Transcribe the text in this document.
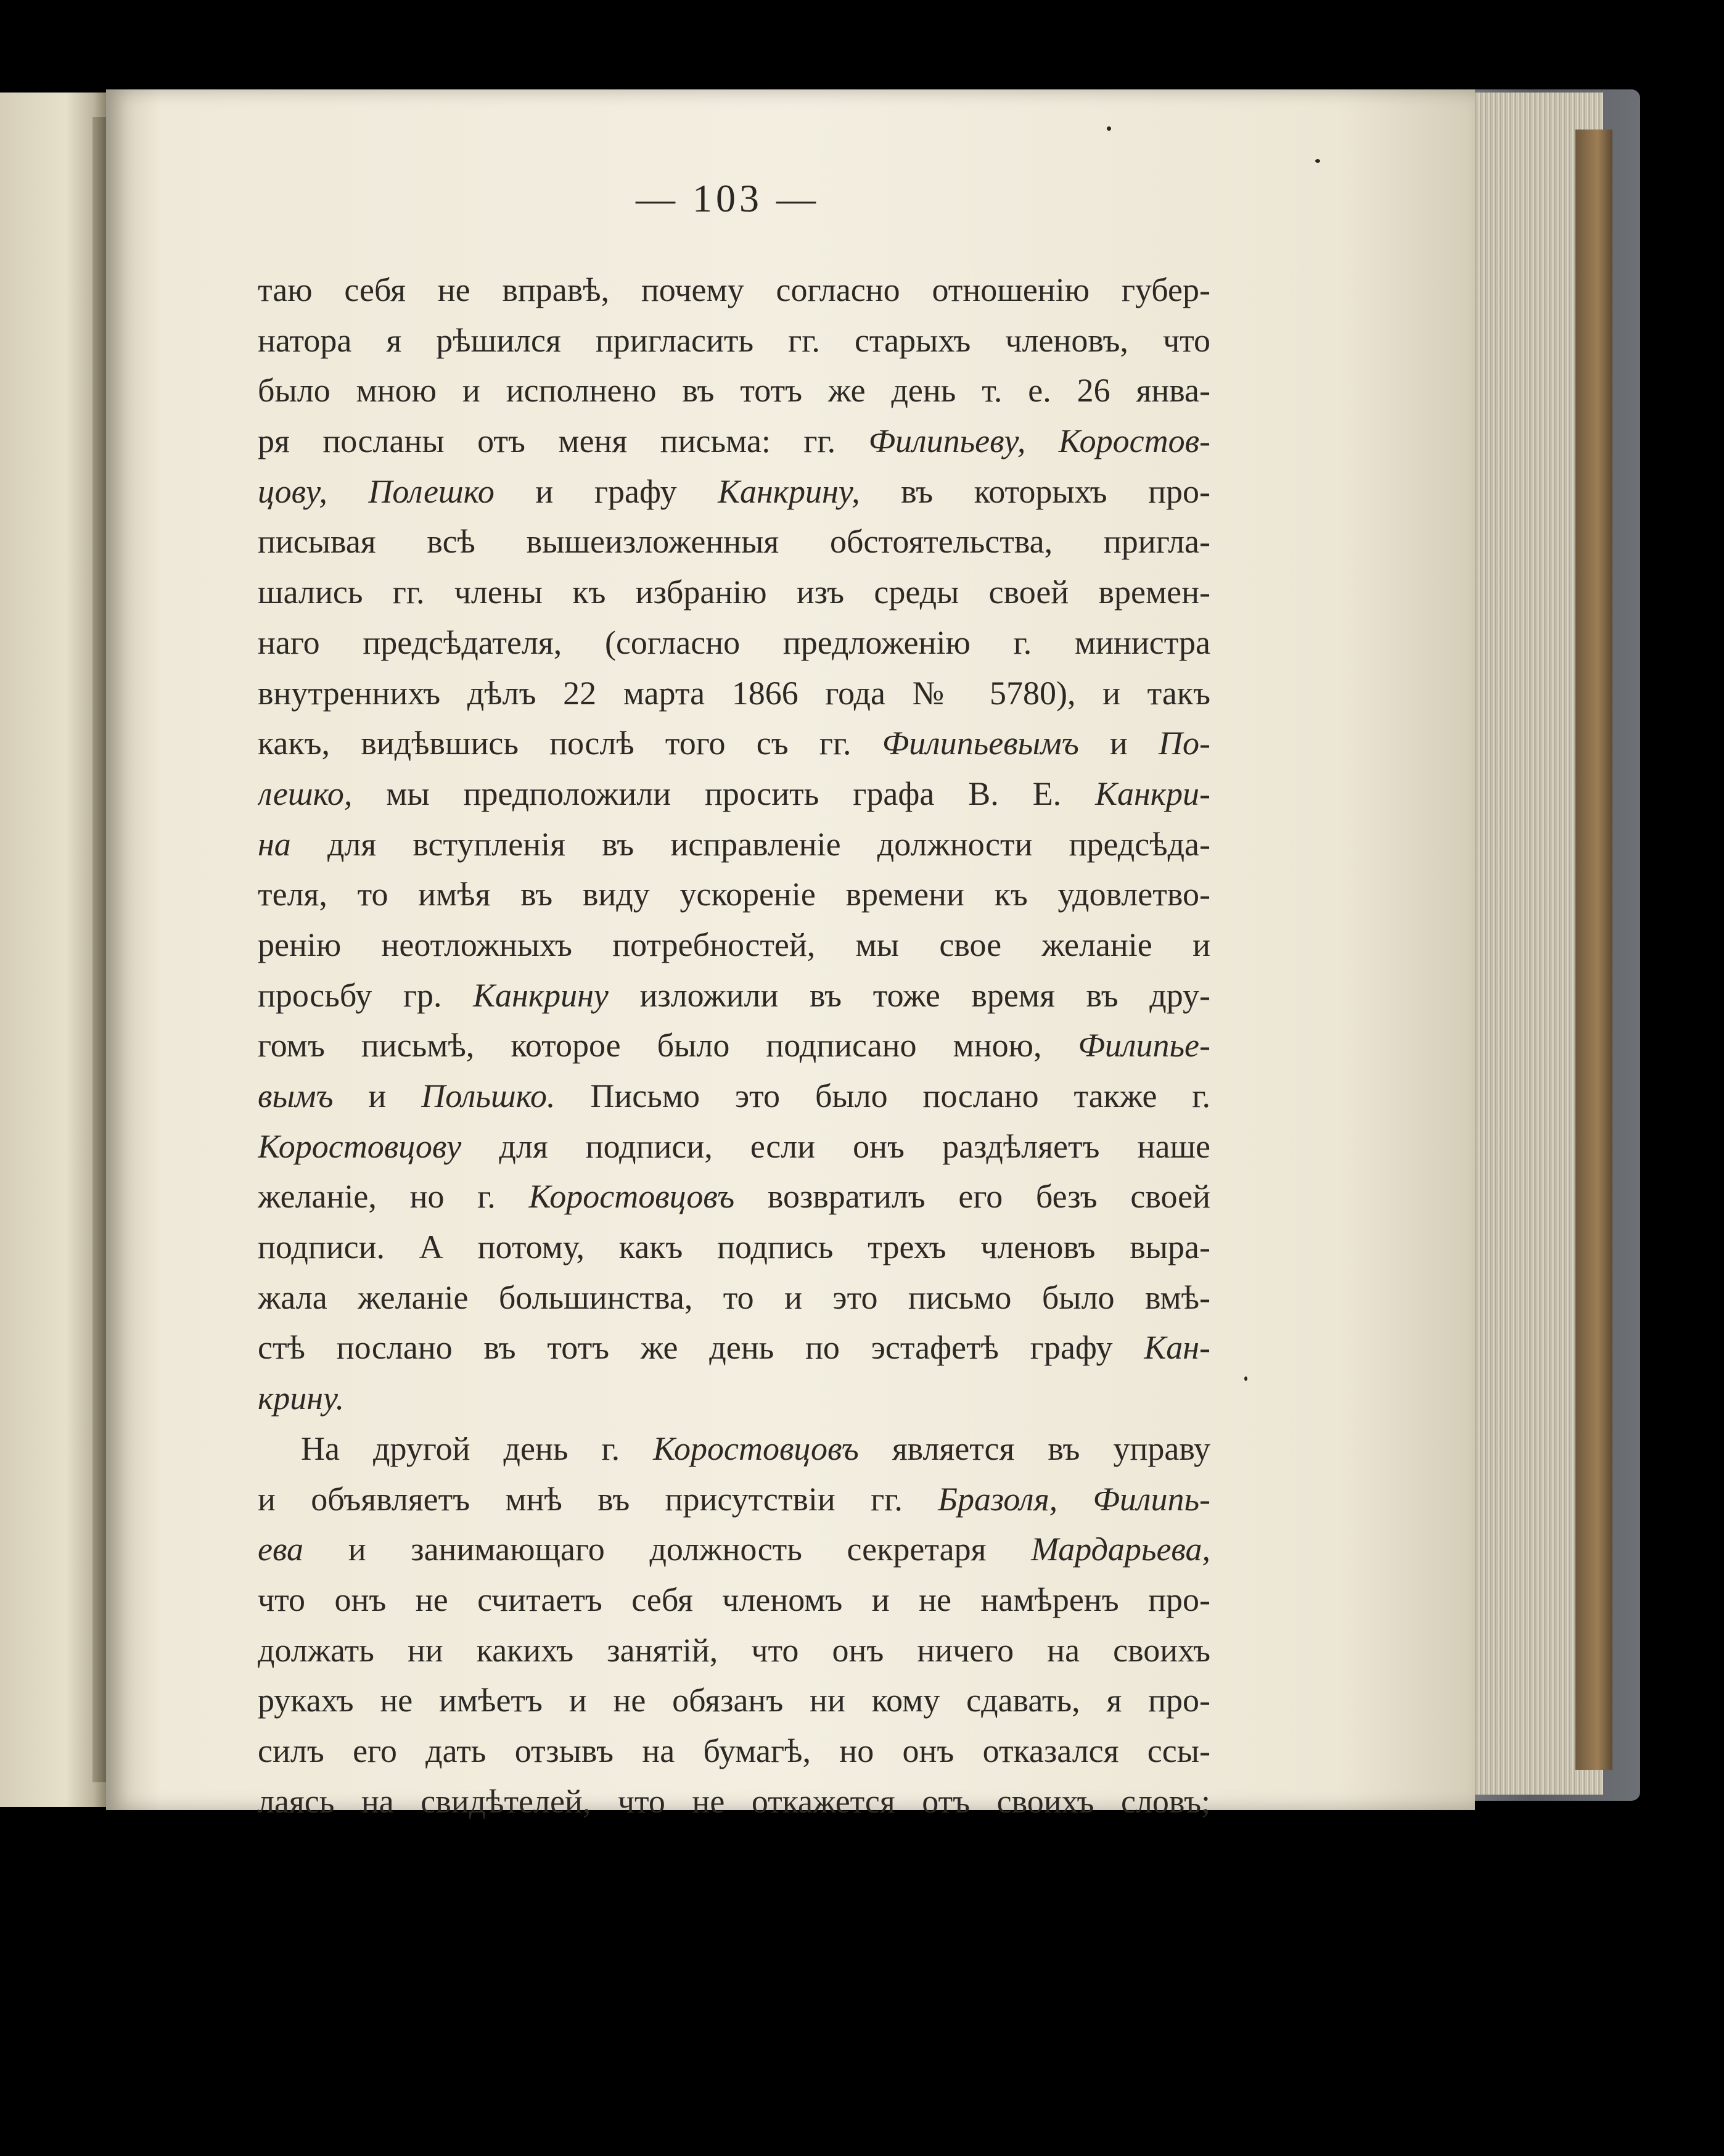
— 103 —
таю себя не вправѣ, почему согласно отношенію губер-
натора я рѣшился пригласить гг. старыхъ членовъ, что
было мною и исполнено въ тотъ же день т. е. 26 янва-
ря посланы отъ меня письма: гг. Филипьеву, Коростов-
цову, Полешко и графу Канкрину, въ которыхъ про-
писывая всѣ вышеизложенныя обстоятельства, пригла-
шались гг. члены къ избранію изъ среды своей времен-
наго предсѣдателя, (согласно предложенію г. министра
внутреннихъ дѣлъ 22 марта 1866 года № 5780), и такъ
какъ, видѣвшись послѣ того съ гг. Филипьевымъ и По-
лешко, мы предположили просить графа В. Е. Канкри-
на для вступленія въ исправленіе должности предсѣда-
теля, то имѣя въ виду ускореніе времени къ удовлетво-
ренію неотложныхъ потребностей, мы свое желаніе и
просьбу гр. Канкрину изложили въ тоже время въ дру-
гомъ письмѣ, которое было подписано мною, Филипье-
вымъ и Польшко. Письмо это было послано также г.
Коростовцову для подписи, если онъ раздѣляетъ наше
желаніе, но г. Коростовцовъ возвратилъ его безъ своей
подписи. А потому, какъ подпись трехъ членовъ выра-
жала желаніе большинства, то и это письмо было вмѣ-
стѣ послано въ тотъ же день по эстафетѣ графу Кан-
крину.
На другой день г. Коростовцовъ является въ управу
и объявляетъ мнѣ въ присутствіи гг. Бразоля, Филипь-
ева и занимающаго должность секретаря Мардарьева,
что онъ не считаетъ себя членомъ и не намѣренъ про-
должать ни какихъ занятій, что онъ ничего на своихъ
рукахъ не имѣетъ и не обязанъ ни кому сдавать, я про-
силъ его дать отзывъ на бумагѣ, но онъ отказался ссы-
лаясь на свидѣтелей, что не откажется отъ своихъ словъ;
